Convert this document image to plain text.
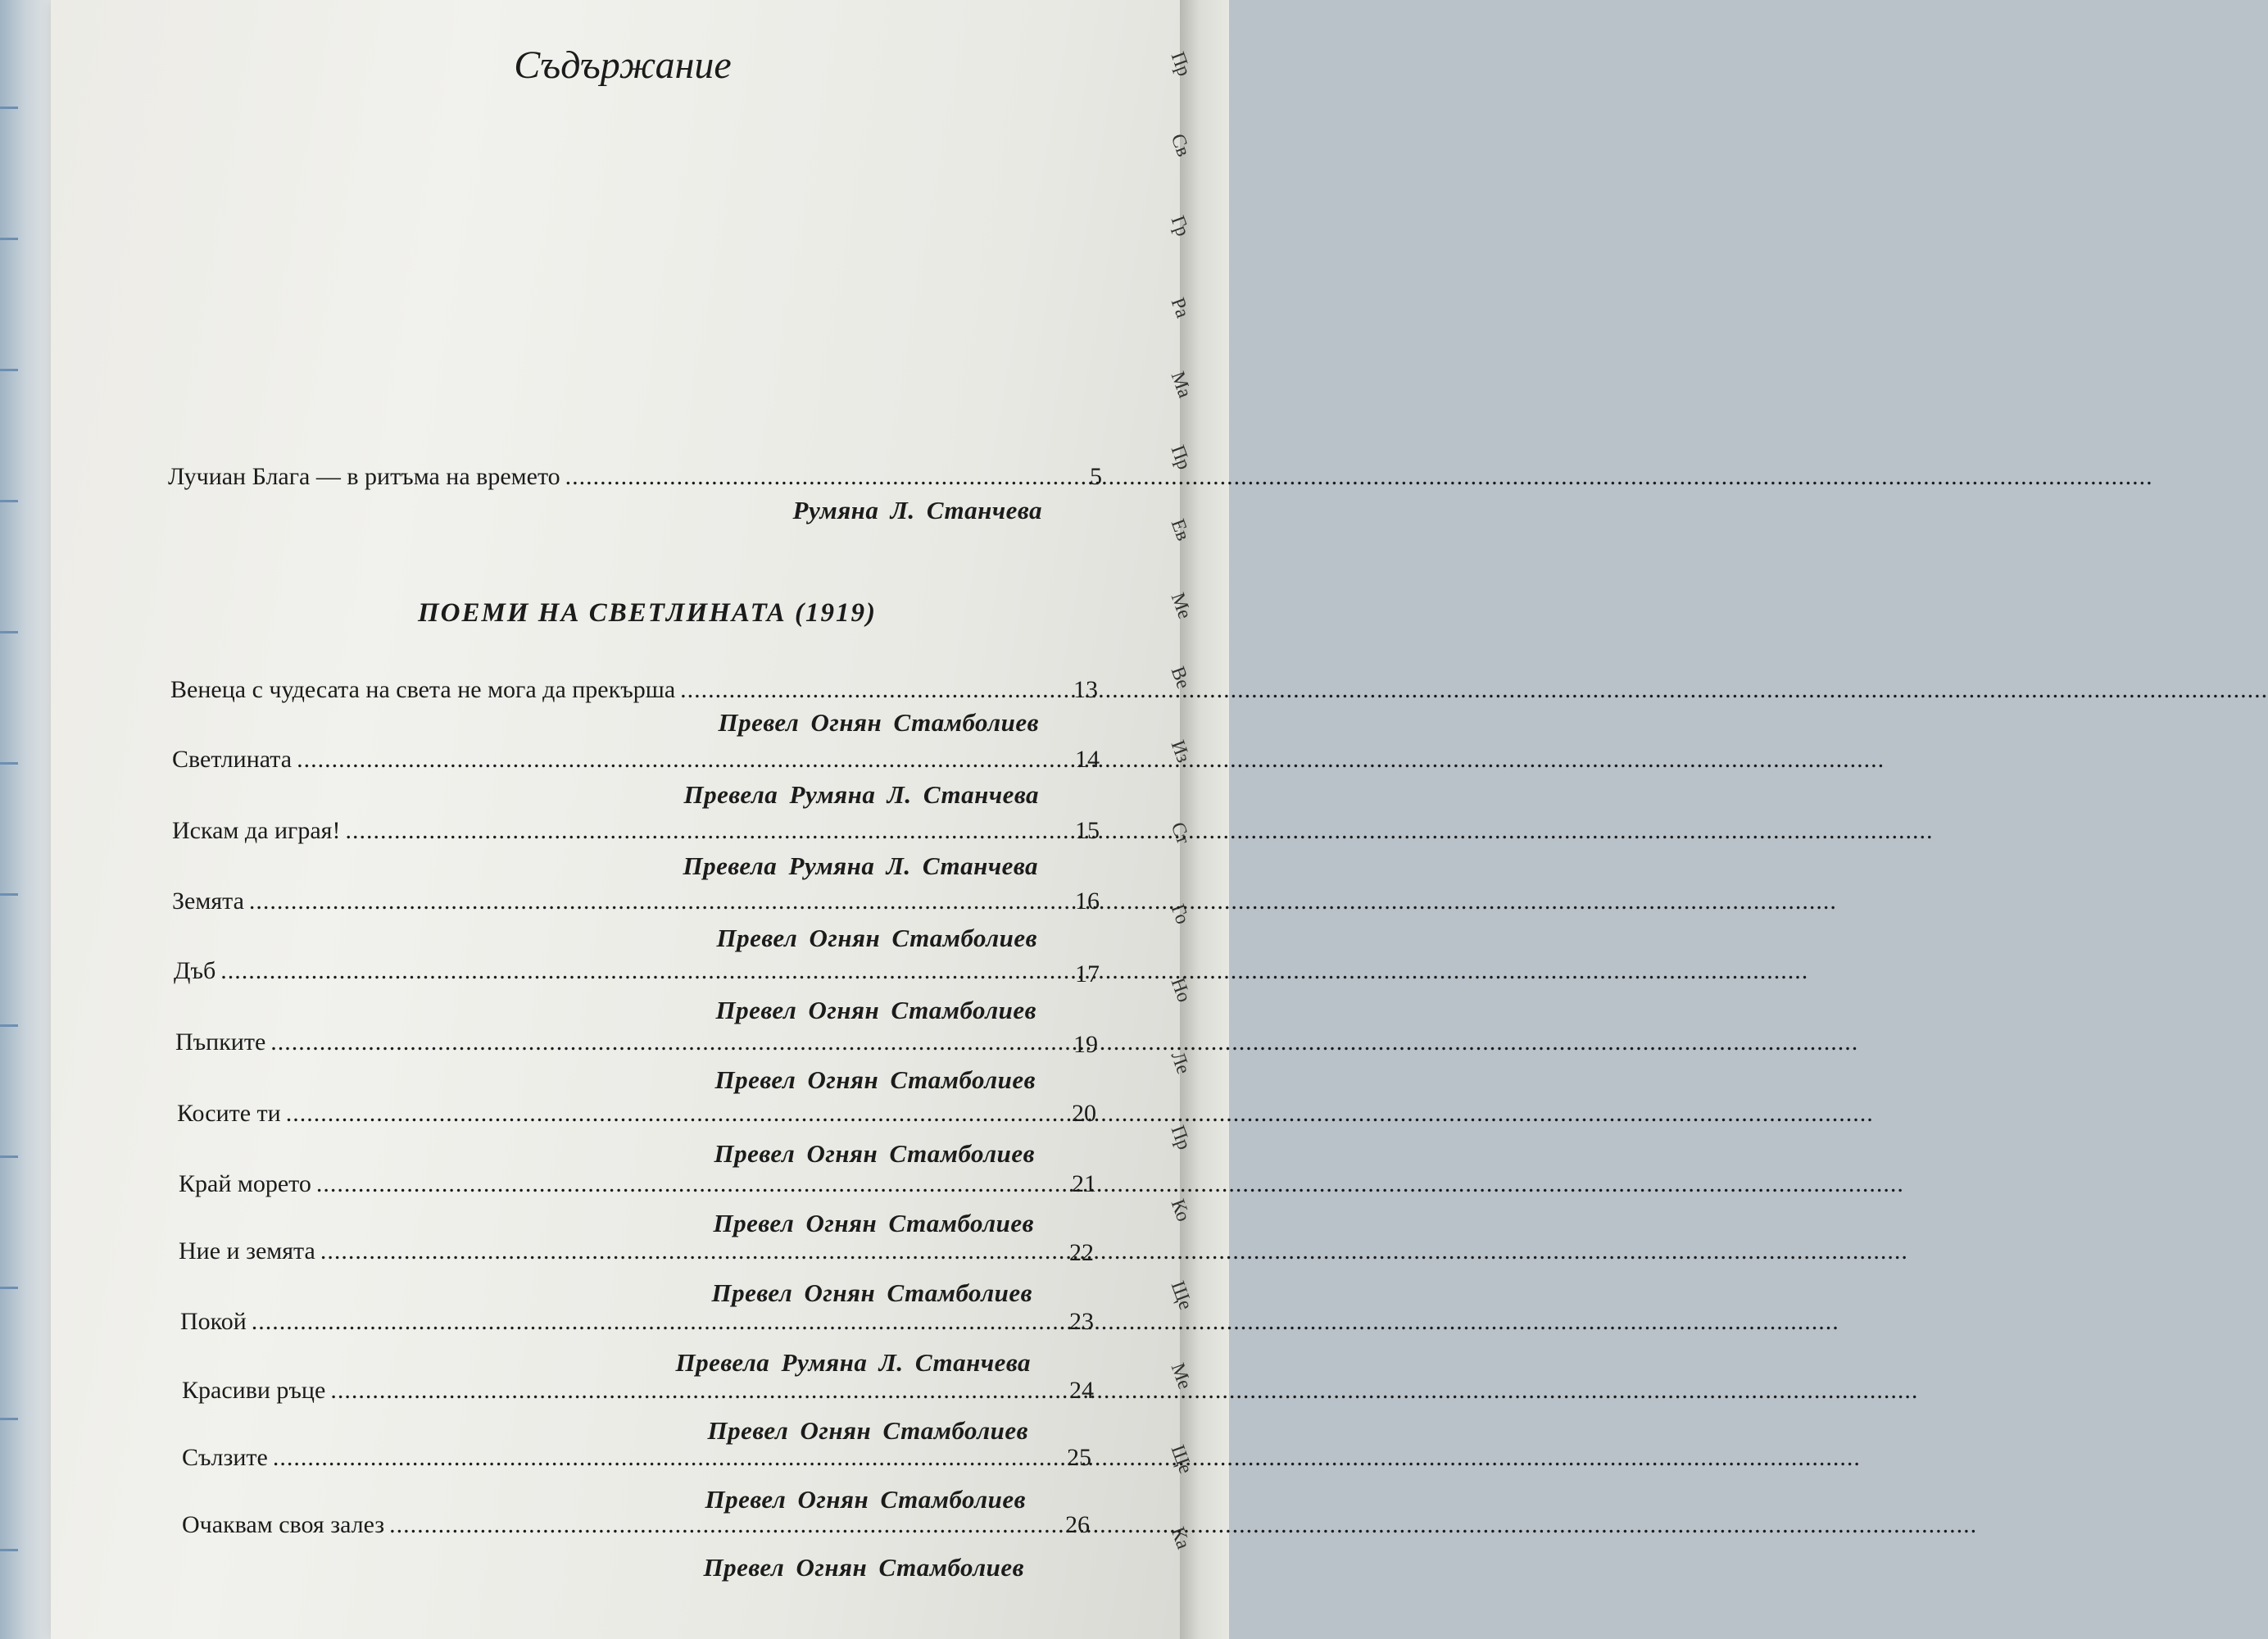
Пр
Св
Гр
Ра
Ма
Пр
Ев
Ме
Ве
Из
Ст
Го
Но
Ле
Пр
Ко
Ще
Ме
Ще
Ка
Съдържание
Лучиан Блага — в ритъма на времето .....	5
Румяна Л. Станчева
ПОЕМИ НА СВЕТЛИНАТА (1919)
Венеца с чудесата на света не мога да прекърша .....	13
Превел Огнян Стамболиев
Светлината .....	14
Превела Румяна Л. Станчева
Искам да играя! .....	15
Превела Румяна Л. Станчева
Земята .....	16
Превел Огнян Стамболиев
Дъб .....	17
Превел Огнян Стамболиев
Пъпките .....	19
Превел Огнян Стамболиев
Косите ти .....	20
Превел Огнян Стамболиев
Край морето .....	21
Превел Огнян Стамболиев
Ние и земята .....	22
Превел Огнян Стамболиев
Покой .....	23
Превела Румяна Л. Станчева
Красиви ръце .....	24
Превел Огнян Стамболиев
Сълзите .....	25
Превел Огнян Стамболиев
Очаквам своя залез .....	26
Превел Огнян Стамболиев
